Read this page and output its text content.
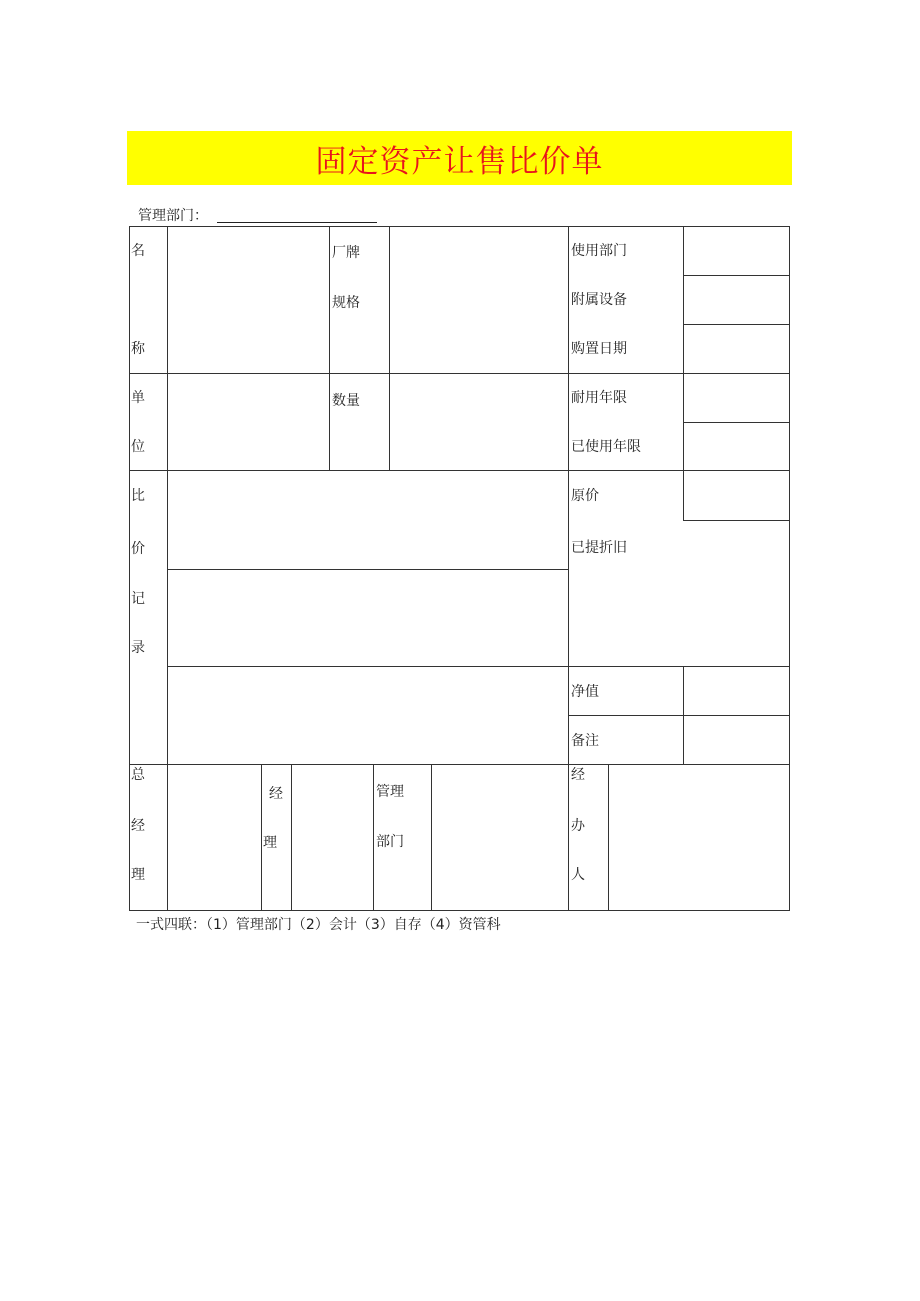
固定资产让售比价单
管理部门：
名
称
厂牌
规格
使用部门
附属设备
购置日期
单
位
数量	耐用年限
已使用年限
比
价
记
录
原价
已提折旧
净值
备注
总
经
理
经
理
管理
部门
经
办
人
一式四联：（1）管理部门（2）会计（3）自存（4）资管科
